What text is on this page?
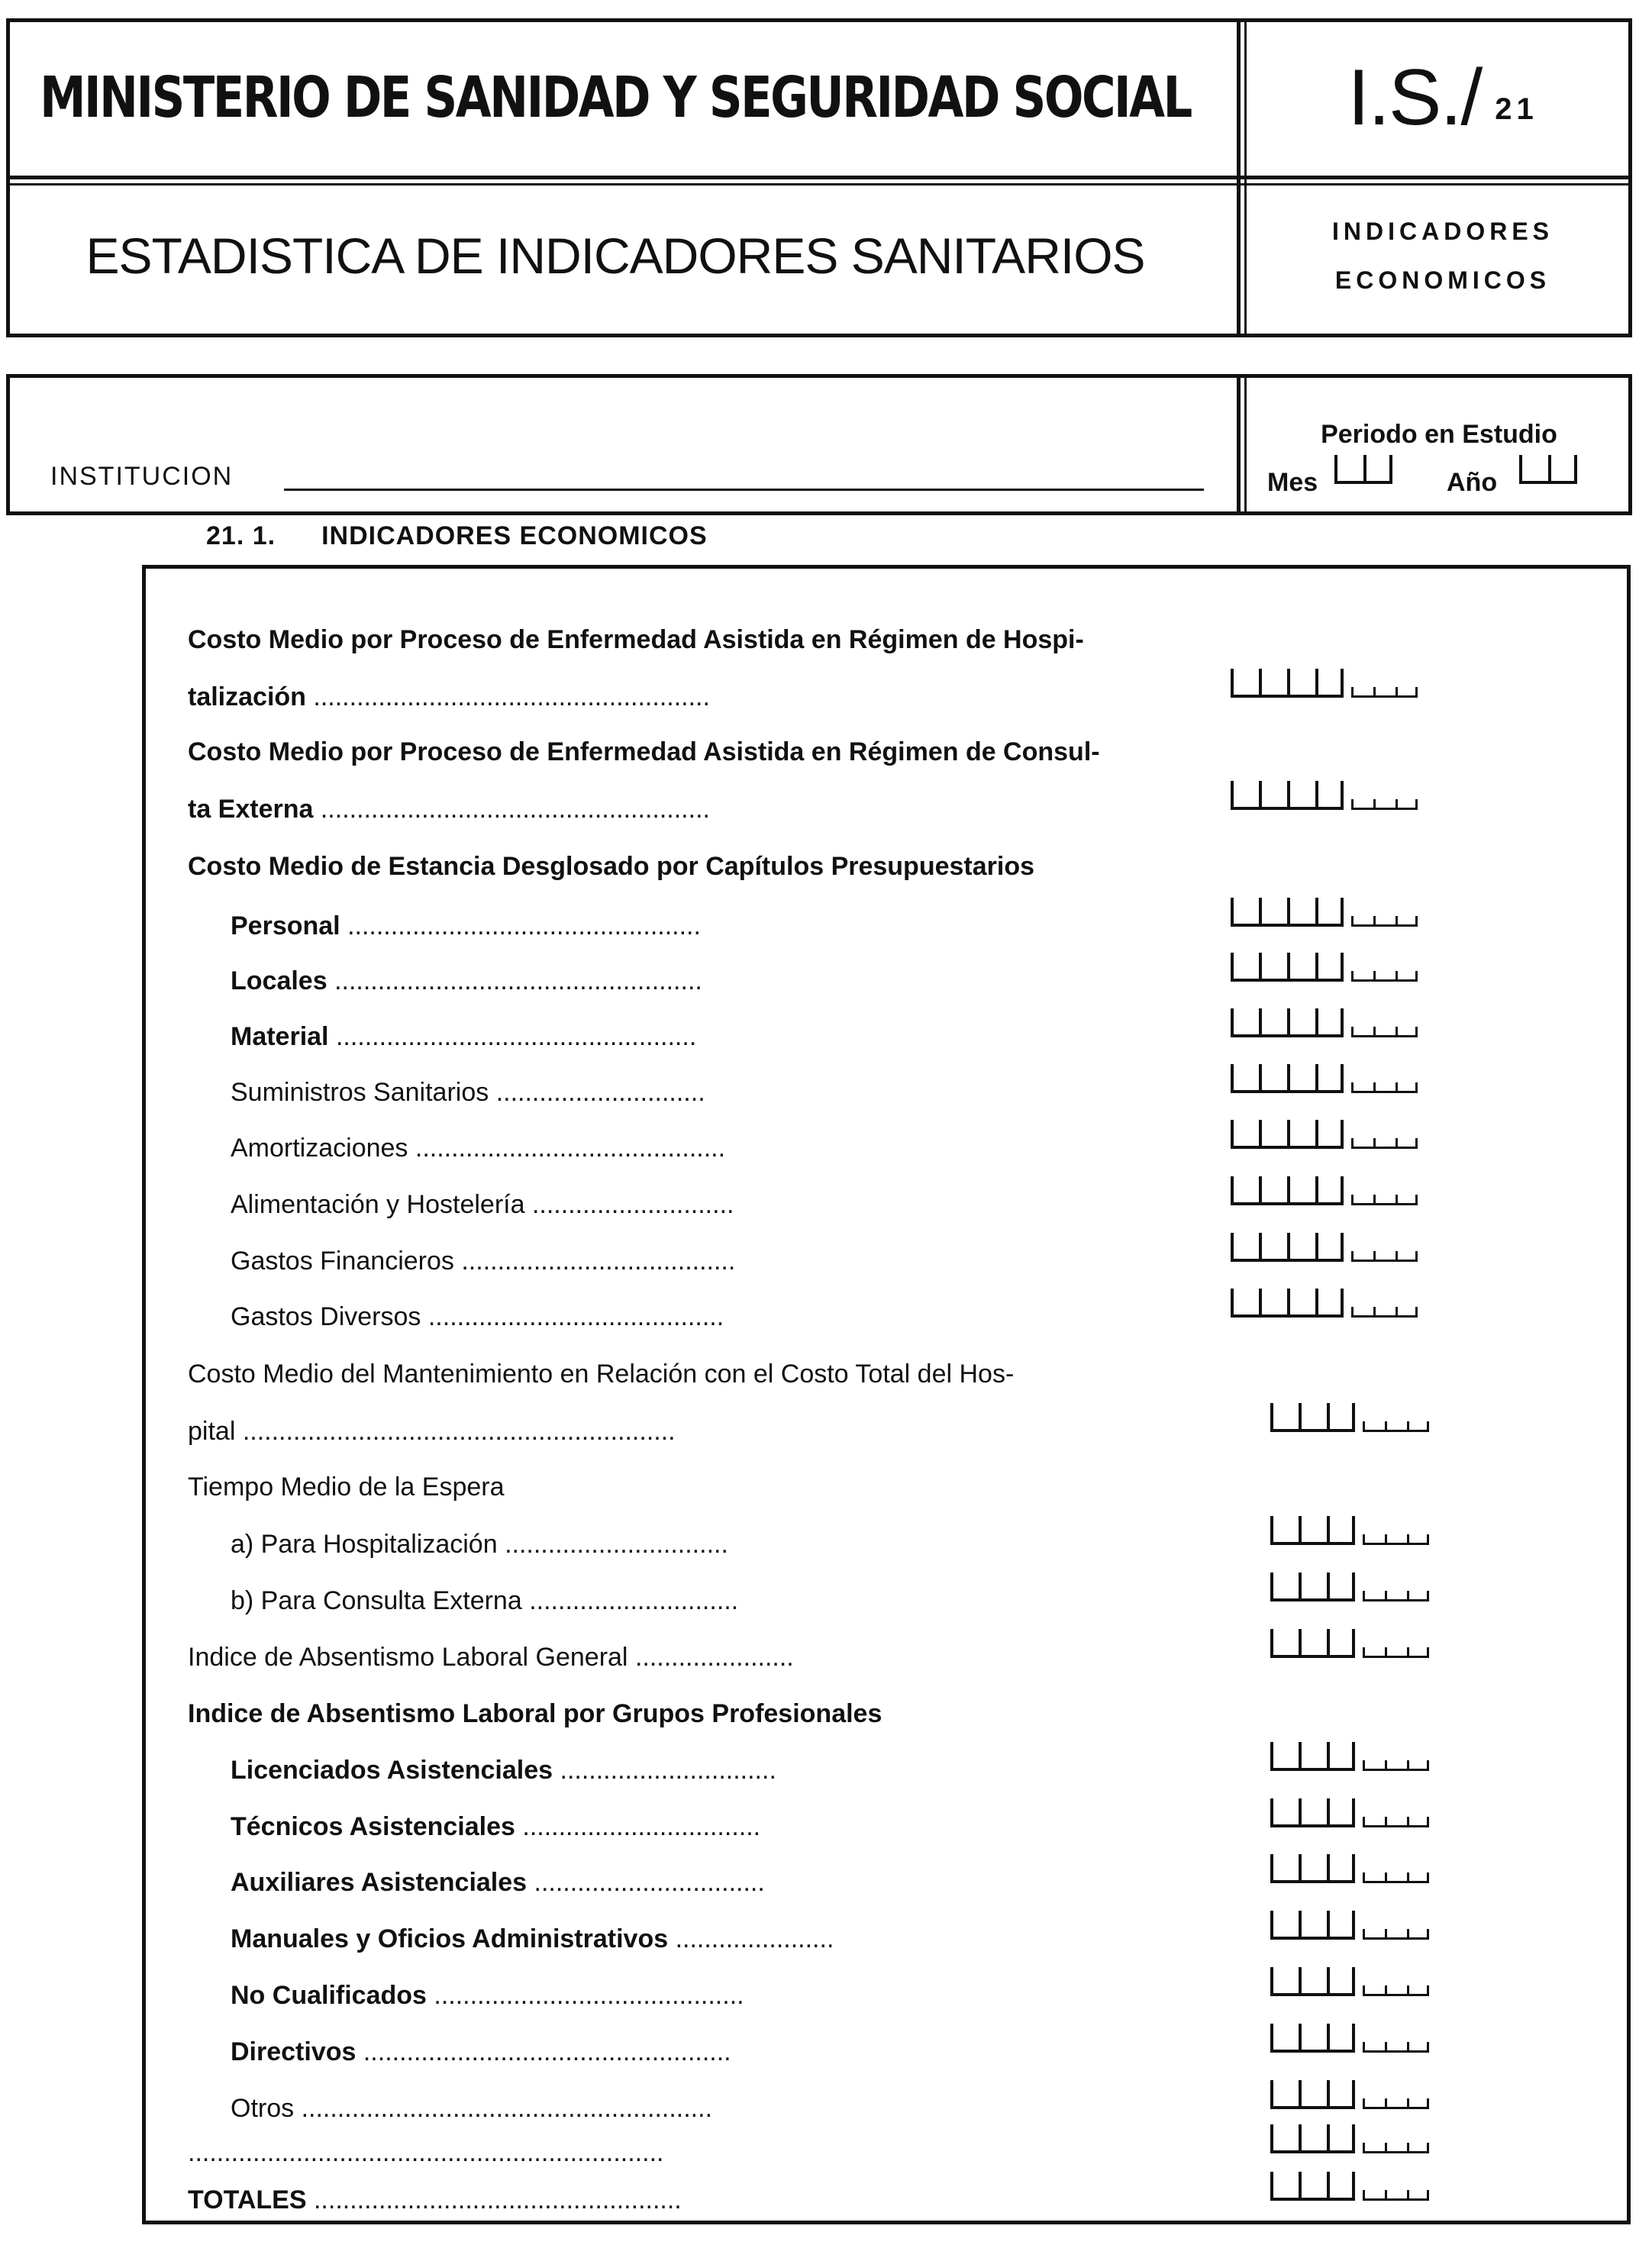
MINISTERIO DE SANIDAD Y SEGURIDAD SOCIAL I.S./ 21
ESTADISTICA DE INDICADORES SANITARIOS	INDICADORES
ECONOMICOS
INSTITUCION
Periodo en Estudio
Mes	Año
21. 1. INDICADORES ECONOMICOS
Costo Medio por Proceso de Enfermedad Asistida en Régimen de Hospi-
talización .......................................................
Costo Medio por Proceso de Enfermedad Asistida en Régimen de Consul-
ta Externa ......................................................
Costo Medio de Estancia Desglosado por Capítulos Presupuestarios
Personal .................................................
Locales ...................................................
Material ..................................................
Suministros Sanitarios .............................
Amortizaciones ...........................................
Alimentación y Hostelería ............................
Gastos Financieros ......................................
Gastos Diversos .........................................
Costo Medio del Mantenimiento en Relación con el Costo Total del Hos-
pital ............................................................
Tiempo Medio de la Espera
a) Para Hospitalización ...............................
b) Para Consulta Externa .............................
Indice de Absentismo Laboral General ......................
Indice de Absentismo Laboral por Grupos Profesionales
Licenciados Asistenciales ..............................
Técnicos Asistenciales .................................
Auxiliares Asistenciales ................................
Manuales y Oficios Administrativos ......................
No Cualificados ...........................................
Directivos ...................................................
Otros .........................................................
..................................................................
TOTALES ...................................................
